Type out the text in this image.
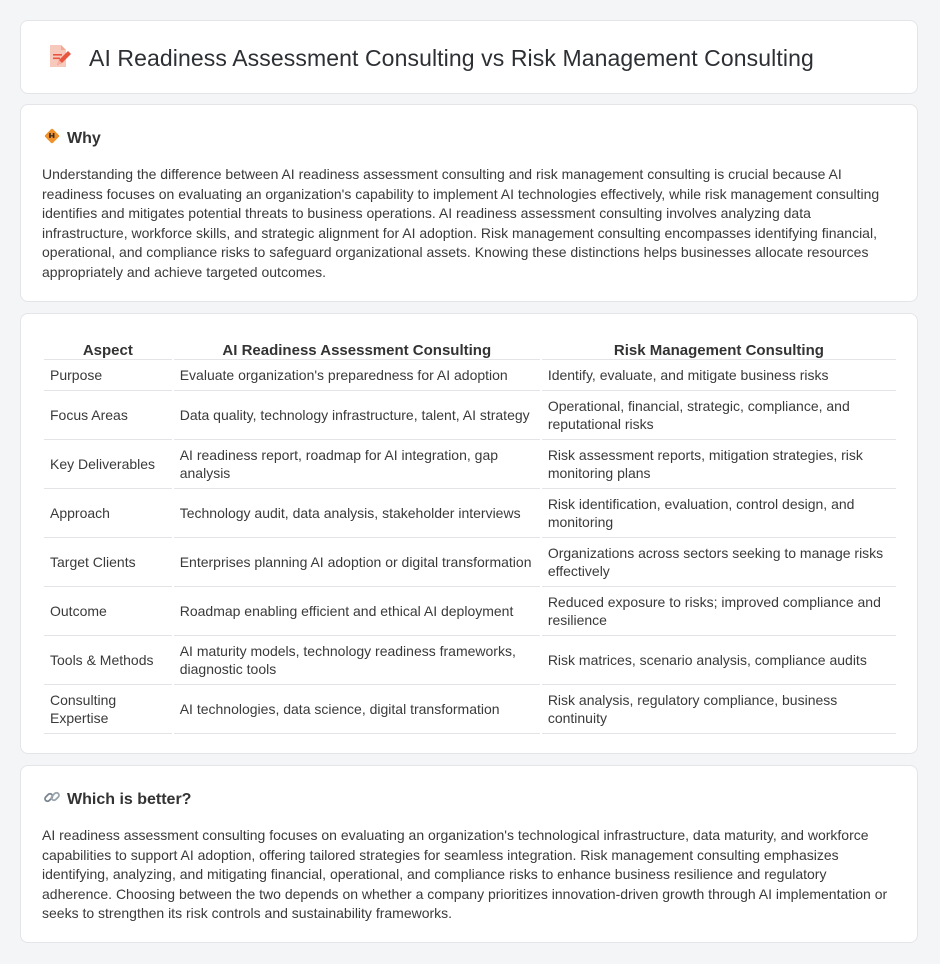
AI Readiness Assessment Consulting vs Risk Management Consulting
Why

Understanding the difference between AI readiness assessment consulting and risk management consulting is crucial because AI readiness focuses on evaluating an organization's capability to implement AI technologies effectively, while risk management consulting identifies and mitigates potential threats to business operations. AI readiness assessment consulting involves analyzing data infrastructure, workforce skills, and strategic alignment for AI adoption. Risk management consulting encompasses identifying financial, operational, and compliance risks to safeguard organizational assets. Knowing these distinctions helps businesses allocate resources appropriately and achieve targeted outcomes.

Aspect	AI Readiness Assessment Consulting	Risk Management Consulting
Purpose	Evaluate organization's preparedness for AI adoption	Identify, evaluate, and mitigate business risks
Focus Areas	Data quality, technology infrastructure, talent, AI strategy	Operational, financial, strategic, compliance, and reputational risks
Key Deliverables	AI readiness report, roadmap for AI integration, gap analysis	Risk assessment reports, mitigation strategies, risk monitoring plans
Approach	Technology audit, data analysis, stakeholder interviews	Risk identification, evaluation, control design, and monitoring
Target Clients	Enterprises planning AI adoption or digital transformation	Organizations across sectors seeking to manage risks effectively
Outcome	Roadmap enabling efficient and ethical AI deployment	Reduced exposure to risks; improved compliance and resilience
Tools & Methods	AI maturity models, technology readiness frameworks, diagnostic tools	Risk matrices, scenario analysis, compliance audits
Consulting Expertise	AI technologies, data science, digital transformation	Risk analysis, regulatory compliance, business continuity
Which is better?

AI readiness assessment consulting focuses on evaluating an organization's technological infrastructure, data maturity, and workforce capabilities to support AI adoption, offering tailored strategies for seamless integration. Risk management consulting emphasizes identifying, analyzing, and mitigating financial, operational, and compliance risks to enhance business resilience and regulatory adherence. Choosing between the two depends on whether a company prioritizes innovation-driven growth through AI implementation or seeks to strengthen its risk controls and sustainability frameworks.
